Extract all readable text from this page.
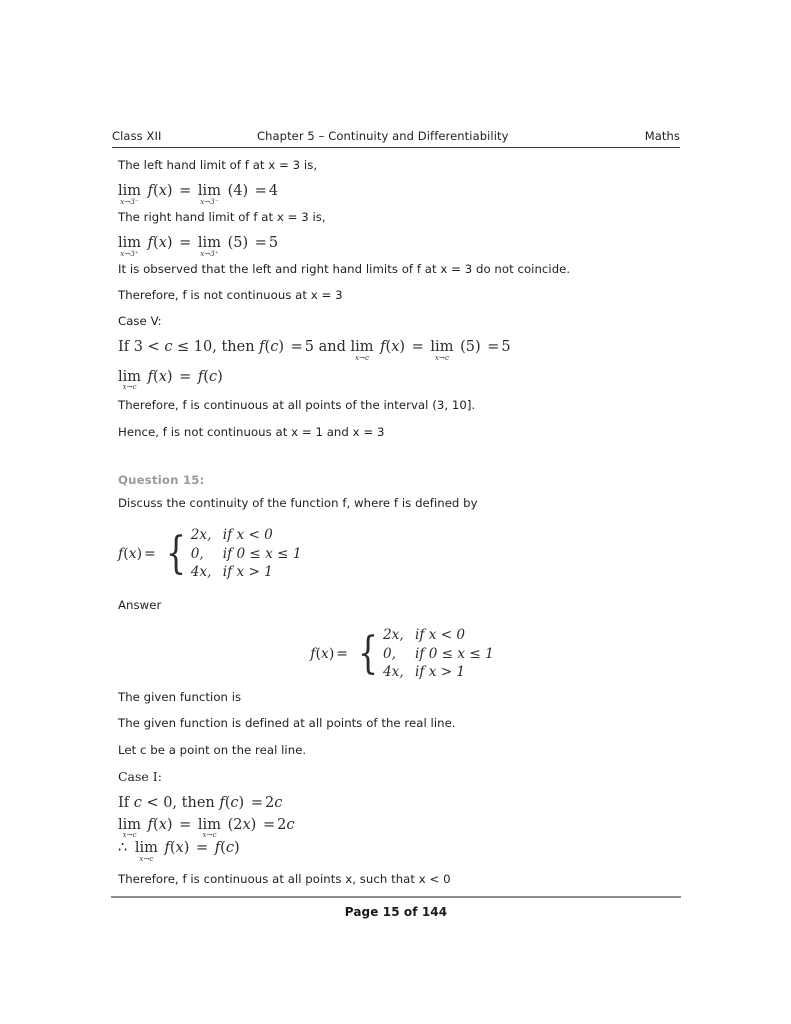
Class XII	Chapter 5 – Continuity and Differentiability	Maths

The left hand limit of f at x = 3 is,

lim
x→3⁻
f(x) = lim
x→3⁻
(4) = 4

The right hand limit of f at x = 3 is,

lim
x→3⁺
f(x) = lim
x→3⁺
(5) = 5

It is observed that the left and right hand limits of f at x = 3 do not coincide.

Therefore, f is not continuous at x = 3

Case V:

If 3 < c ≤ 10, then f(c) = 5 and lim
x→c
f(x) = lim
x→c
(5) = 5
lim
x→c
f(x) = f(c)

Therefore, f is continuous at all points of the interval (3, 10].

Hence, f is not continuous at x = 1 and x = 3

Question 15:

Discuss the continuity of the function f, where f is defined by

f(x) = { 2x, if x < 0
0,	if 0 ≤ x ≤ 1
4x, if x > 1

Answer

f(x) = { 2x, if x < 0
0,	if 0 ≤ x ≤ 1
4x, if x > 1

The given function is

The given function is defined at all points of the real line.

Let c be a point on the real line.

Case I:

If c < 0, then f(c) = 2c
lim
x→c
f(x) = lim
x→c
(2x) = 2c
∴ lim
x→c
f(x) = f(c)

Therefore, f is continuous at all points x, such that x < 0

Page 15 of 144
